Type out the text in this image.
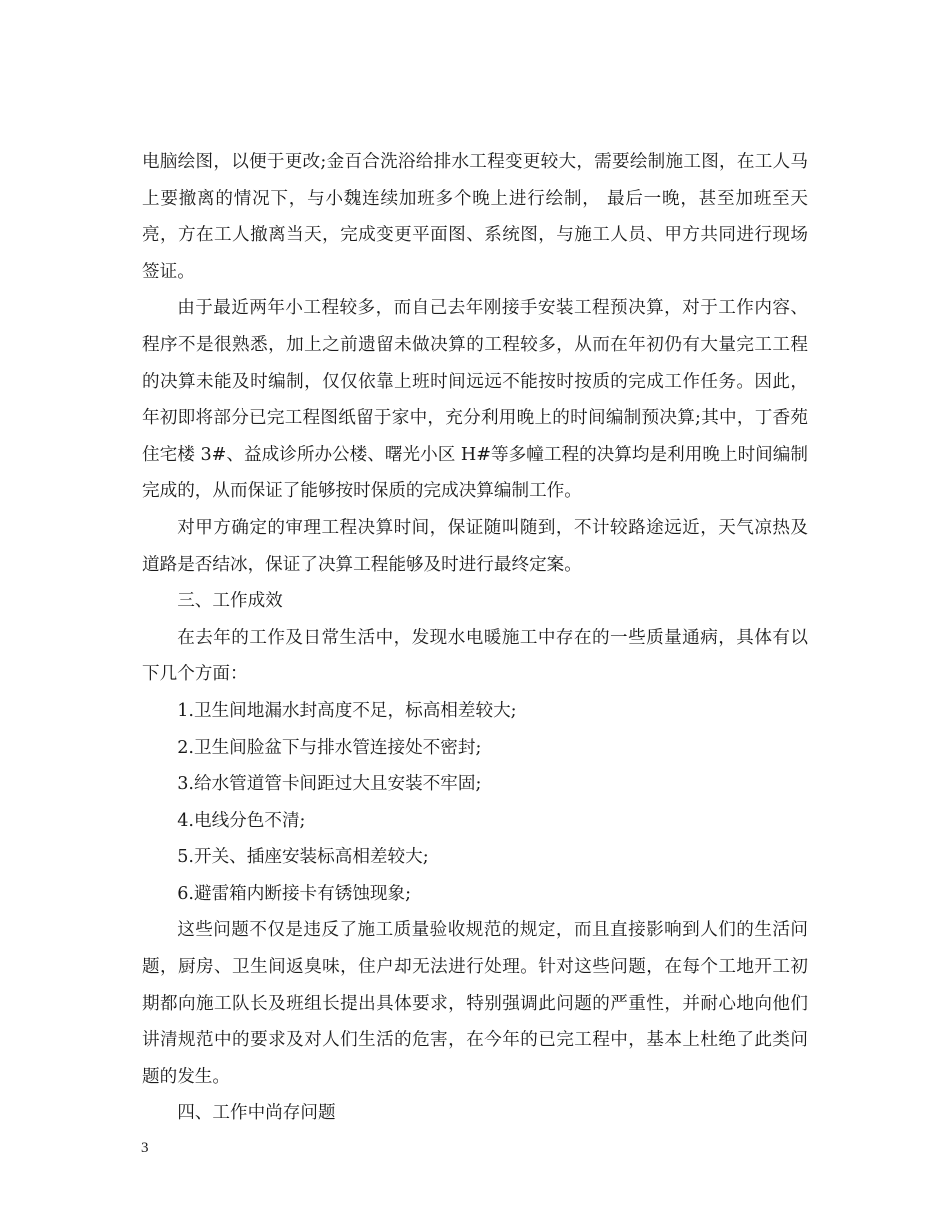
电脑绘图，以便于更改;金百合洗浴给排水工程变更较大，需要绘制施工图，在工人马上要撤离的情况下，与小魏连续加班多个晚上进行绘制， 最后一晚，甚至加班至天亮，方在工人撤离当天，完成变更平面图、系统图，与施工人员、甲方共同进行现场签证。

由于最近两年小工程较多，而自己去年刚接手安装工程预决算，对于工作内容、程序不是很熟悉，加上之前遗留未做决算的工程较多，从而在年初仍有大量完工工程的决算未能及时编制，仅仅依靠上班时间远远不能按时按质的完成工作任务。因此，年初即将部分已完工程图纸留于家中，充分利用晚上的时间编制预决算;其中，丁香苑住宅楼 3#、益成诊所办公楼、曙光小区 H#等多幢工程的决算均是利用晚上时间编制完成的，从而保证了能够按时保质的完成决算编制工作。

对甲方确定的审理工程决算时间，保证随叫随到，不计较路途远近，天气凉热及道路是否结冰，保证了决算工程能够及时进行最终定案。

三、工作成效

在去年的工作及日常生活中，发现水电暖施工中存在的一些质量通病，具体有以下几个方面：

1.卫生间地漏水封高度不足，标高相差较大;

2.卫生间脸盆下与排水管连接处不密封;

3.给水管道管卡间距过大且安装不牢固;

4.电线分色不清;

5.开关、插座安装标高相差较大;

6.避雷箱内断接卡有锈蚀现象;

这些问题不仅是违反了施工质量验收规范的规定，而且直接影响到人们的生活问题，厨房、卫生间返臭味，住户却无法进行处理。针对这些问题，在每个工地开工初期都向施工队长及班组长提出具体要求，特别强调此问题的严重性，并耐心地向他们讲清规范中的要求及对人们生活的危害，在今年的已完工程中，基本上杜绝了此类问题的发生。

四、工作中尚存问题

3
